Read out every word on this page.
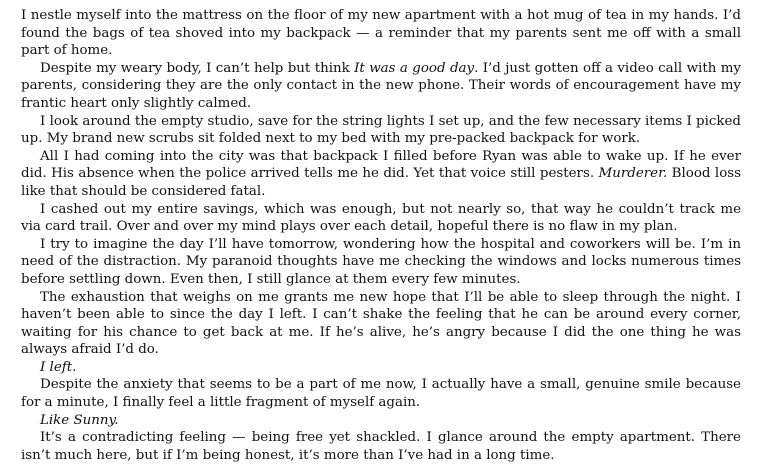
I nestle myself into the mattress on the floor of my new apartment with a hot mug of tea in my hands. I’d found the bags of tea shoved into my backpack — a reminder that my parents sent me off with a small part of home.

Despite my weary body, I can’t help but think It was a good day. I’d just gotten off a video call with my parents, considering they are the only contact in the new phone. Their words of encouragement have my frantic heart only slightly calmed.

I look around the empty studio, save for the string lights I set up, and the few necessary items I picked up. My brand new scrubs sit folded next to my bed with my pre-packed backpack for work.

All I had coming into the city was that backpack I filled before Ryan was able to wake up. If he ever did. His absence when the police arrived tells me he did. Yet that voice still pesters. Murderer. Blood loss like that should be considered fatal.

I cashed out my entire savings, which was enough, but not nearly so, that way he couldn’t track me via card trail. Over and over my mind plays over each detail, hopeful there is no flaw in my plan.

I try to imagine the day I’ll have tomorrow, wondering how the hospital and coworkers will be. I’m in need of the distraction. My paranoid thoughts have me checking the windows and locks numerous times before settling down. Even then, I still glance at them every few minutes.

The exhaustion that weighs on me grants me new hope that I’ll be able to sleep through the night. I haven’t been able to since the day I left. I can’t shake the feeling that he can be around every corner, waiting for his chance to get back at me. If he’s alive, he’s angry because I did the one thing he was always afraid I’d do.

I left.

Despite the anxiety that seems to be a part of me now, I actually have a small, genuine smile because for a minute, I finally feel a little fragment of myself again.

Like Sunny.

It’s a contradicting feeling — being free yet shackled. I glance around the empty apartment. There isn’t much here, but if I’m being honest, it’s more than I’ve had in a long time.
